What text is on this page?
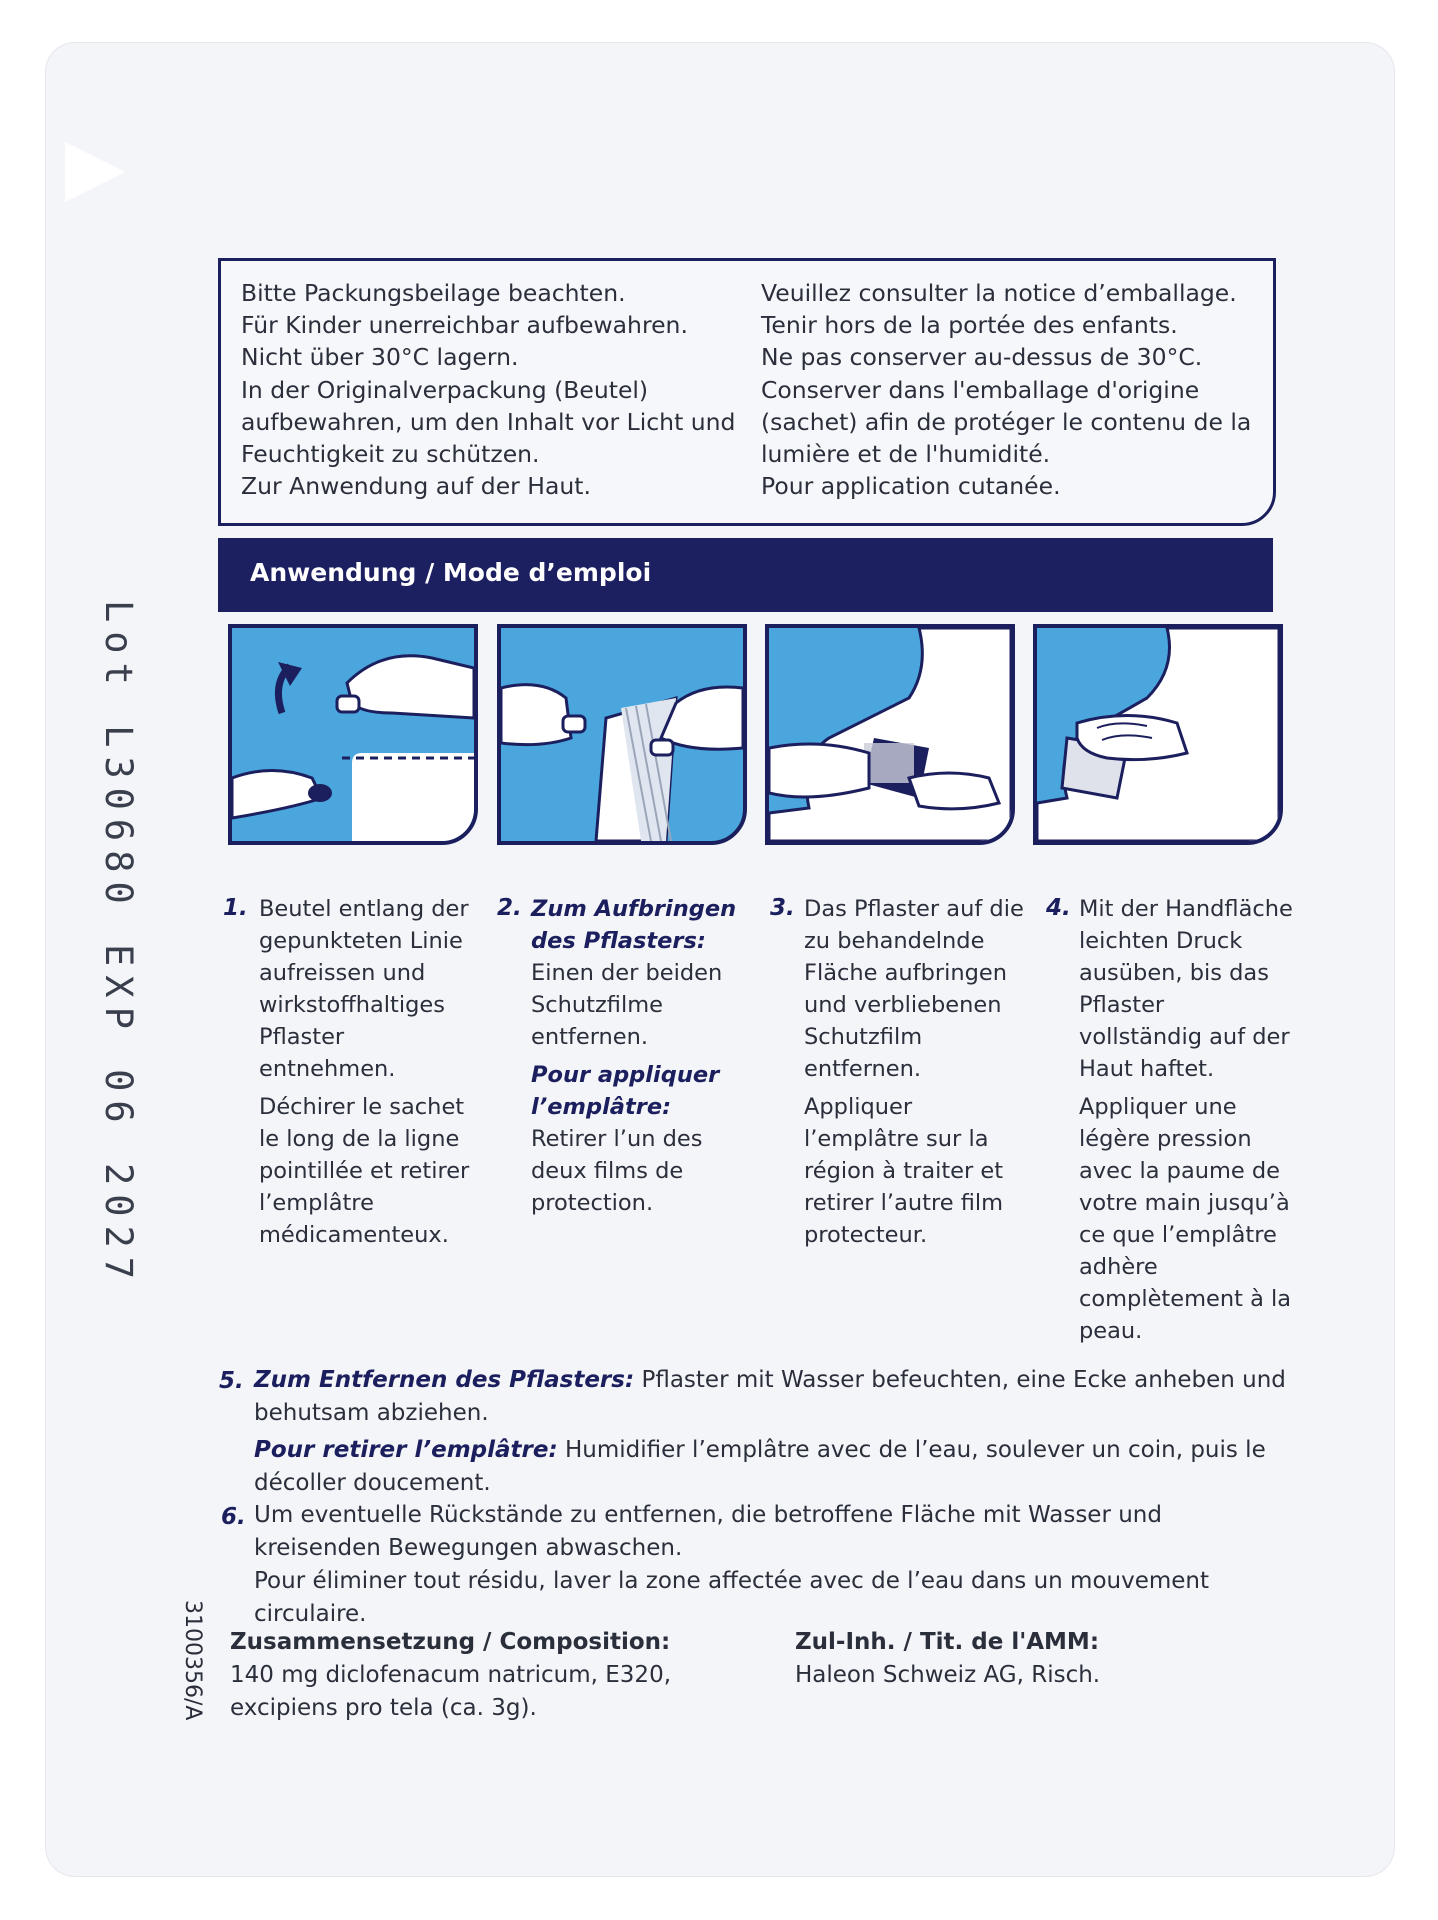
Bitte Packungsbeilage beachten.
Für Kinder unerreichbar aufbewahren.
Nicht über 30°C lagern.
In der Originalverpackung (Beutel)
aufbewahren, um den Inhalt vor Licht und
Feuchtigkeit zu schützen.
Zur Anwendung auf der Haut.
Veuillez consulter la notice d’emballage.
Tenir hors de la portée des enfants.
Ne pas conserver au-dessus de 30°C.
Conserver dans l'emballage d'origine
(sachet) afin de protéger le contenu de la
lumière et de l'humidité.
Pour application cutanée.
Anwendung / Mode d’emploi
1. Beutel entlang der
gepunkteten Linie
aufreissen und
wirkstoffhaltiges
Pflaster
entnehmen.
Déchirer le sachet
le long de la ligne
pointillée et retirer
l’emplâtre
médicamenteux.
2. Zum Aufbringen
des Pflasters:
Einen der beiden
Schutzfilme
entfernen.
Pour appliquer
l’emplâtre:
Retirer l’un des
deux films de
protection.
3. Das Pflaster auf die
zu behandelnde
Fläche aufbringen
und verbliebenen
Schutzfilm
entfernen.
Appliquer
l’emplâtre sur la
région à traiter et
retirer l’autre film
protecteur.
4. Mit der Handfläche
leichten Druck
ausüben, bis das
Pflaster
vollständig auf der
Haut haftet.
Appliquer une
légère pression
avec la paume de
votre main jusqu’à
ce que l’emplâtre
adhère
complètement à la
peau.
5. Zum Entfernen des Pflasters: Pflaster mit Wasser befeuchten, eine Ecke anheben und
behutsam abziehen.
Pour retirer l’emplâtre: Humidifier l’emplâtre avec de l’eau, soulever un coin, puis le
décoller doucement.
6. Um eventuelle Rückstände zu entfernen, die betroffene Fläche mit Wasser und
kreisenden Bewegungen abwaschen.
Pour éliminer tout résidu, laver la zone affectée avec de l’eau dans un mouvement
circulaire.
Zusammensetzung / Composition:
140 mg diclofenacum natricum, E320,
excipiens pro tela (ca. 3g).
Zul-Inh. / Tit. de l'AMM:
Haleon Schweiz AG, Risch.
Lot L30680 EXP 06 2027
3100356/A
